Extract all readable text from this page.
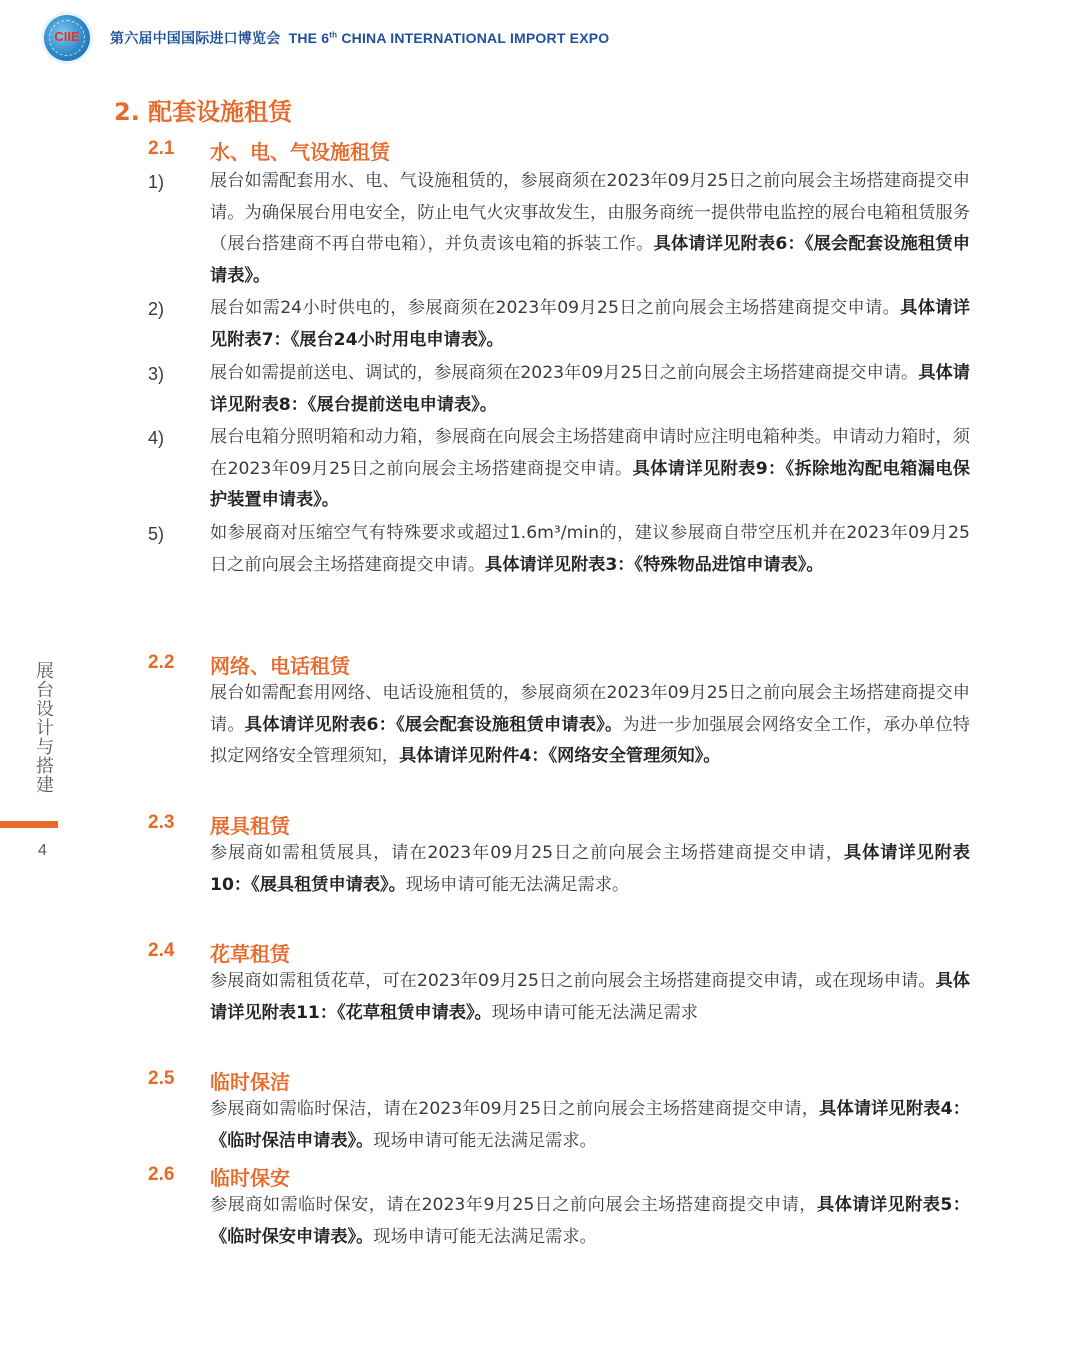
CIIE	第六届中国国际进口博览会 THE 6th CHINA INTERNATIONAL IMPORT EXPO
展
台
设
计
与
搭
建
4
2. 配套设施租赁
2.1 水、电、气设施租赁
1)	展台如需配套用水、电、气设施租赁的，参展商须在2023年09月25日之前向展会主场搭建商提交申请。为确保展台用电安全，防止电气火灾事故发生，由服务商统一提供带电监控的展台电箱租赁服务（展台搭建商不再自带电箱），并负责该电箱的拆装工作。具体请详见附表6：《展会配套设施租赁申请表》。
2)	展台如需24小时供电的，参展商须在2023年09月25日之前向展会主场搭建商提交申请。具体请详见附表7：《展台24小时用电申请表》。
3)	展台如需提前送电、调试的，参展商须在2023年09月25日之前向展会主场搭建商提交申请。具体请详见附表8：《展台提前送电申请表》。
4)	展台电箱分照明箱和动力箱，参展商在向展会主场搭建商申请时应注明电箱种类。申请动力箱时，须在2023年09月25日之前向展会主场搭建商提交申请。具体请详见附表9：《拆除地沟配电箱漏电保护装置申请表》。
5)	如参展商对压缩空气有特殊要求或超过1.6m³/min的，建议参展商自带空压机并在2023年09月25日之前向展会主场搭建商提交申请。具体请详见附表3：《特殊物品进馆申请表》。
2.2 网络、电话租赁
展台如需配套用网络、电话设施租赁的，参展商须在2023年09月25日之前向展会主场搭建商提交申请。具体请详见附表6：《展会配套设施租赁申请表》。为进一步加强展会网络安全工作，承办单位特拟定网络安全管理须知，具体请详见附件4：《网络安全管理须知》。
2.3 展具租赁
参展商如需租赁展具，请在2023年09月25日之前向展会主场搭建商提交申请，具体请详见附表10：《展具租赁申请表》。现场申请可能无法满足需求。
2.4 花草租赁
参展商如需租赁花草，可在2023年09月25日之前向展会主场搭建商提交申请，或在现场申请。具体请详见附表11：《花草租赁申请表》。现场申请可能无法满足需求
2.5 临时保洁
参展商如需临时保洁，请在2023年09月25日之前向展会主场搭建商提交申请，具体请详见附表4：《临时保洁申请表》。现场申请可能无法满足需求。
2.6 临时保安
参展商如需临时保安，请在2023年9月25日之前向展会主场搭建商提交申请，具体请详见附表5：《临时保安申请表》。现场申请可能无法满足需求。
